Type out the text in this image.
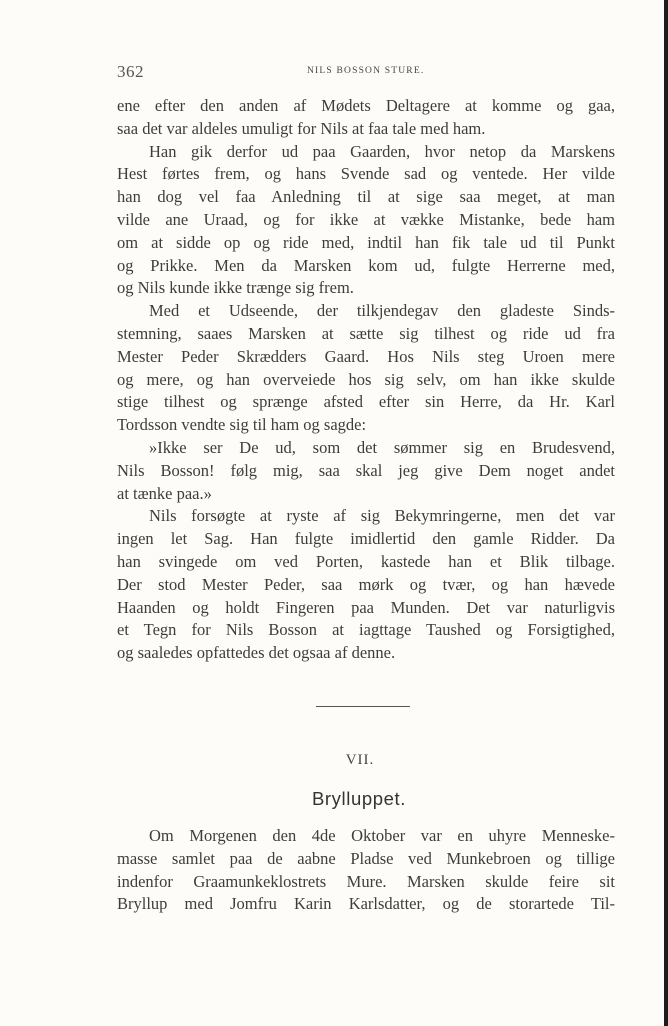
362	NILS BOSSON STURE.

ene efter den anden af Mødets Deltagere at komme og gaa,

saa det var aldeles umuligt for Nils at faa tale med ham.

Han gik derfor ud paa Gaarden, hvor netop da Marskens

Hest førtes frem, og hans Svende sad og ventede. Her vilde

han dog vel faa Anledning til at sige saa meget, at man

vilde ane Uraad, og for ikke at vække Mistanke, bede ham

om at sidde op og ride med, indtil han fik tale ud til Punkt

og Prikke. Men da Marsken kom ud, fulgte Herrerne med,

og Nils kunde ikke trænge sig frem.

Med et Udseende, der tilkjendegav den gladeste Sinds-

stemning, saaes Marsken at sætte sig tilhest og ride ud fra

Mester Peder Skrædders Gaard. Hos Nils steg Uroen mere

og mere, og han overveiede hos sig selv, om han ikke skulde

stige tilhest og sprænge afsted efter sin Herre, da Hr. Karl

Tordsson vendte sig til ham og sagde:

»Ikke ser De ud, som det sømmer sig en Brudesvend,

Nils Bosson! følg mig, saa skal jeg give Dem noget andet

at tænke paa.»

Nils forsøgte at ryste af sig Bekymringerne, men det var

ingen let Sag. Han fulgte imidlertid den gamle Ridder. Da

han svingede om ved Porten, kastede han et Blik tilbage.

Der stod Mester Peder, saa mørk og tvær, og han hævede

Haanden og holdt Fingeren paa Munden. Det var naturligvis

et Tegn for Nils Bosson at iagttage Taushed og Forsigtighed,

og saaledes opfattedes det ogsaa af denne.

VII.
Brylluppet.

Om Morgenen den 4de Oktober var en uhyre Menneske-

masse samlet paa de aabne Pladse ved Munkebroen og tillige

indenfor Graamunkeklostrets Mure. Marsken skulde feire sit

Bryllup med Jomfru Karin Karlsdatter, og de storartede Til-
